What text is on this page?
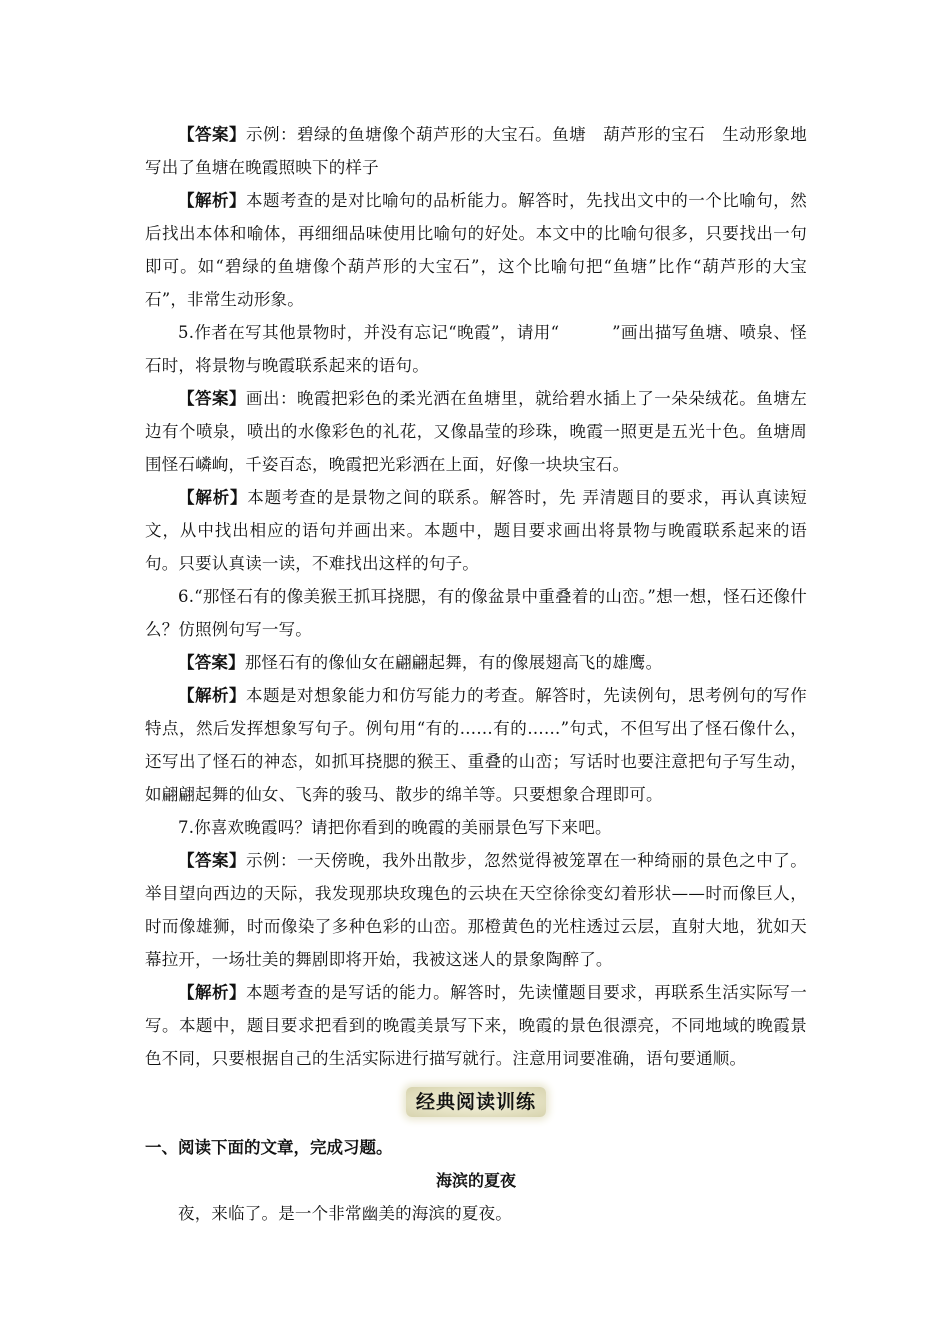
【答案】示例：碧绿的鱼塘像个葫芦形的大宝石。鱼塘　葫芦形的宝石　生动形象地写出了鱼塘在晚霞照映下的样子

【解析】本题考查的是对比喻句的品析能力。解答时，先找出文中的一个比喻句，然后找出本体和喻体，再细细品味使用比喻句的好处。本文中的比喻句很多，只要找出一句即可。如“碧绿的鱼塘像个葫芦形的大宝石”，这个比喻句把“鱼塘”比作“葫芦形的大宝石”，非常生动形象。

5.作者在写其他景物时，并没有忘记“晚霞”，请用“	”画出描写鱼塘、喷泉、怪石时，将景物与晚霞联系起来的语句。

【答案】画出：晚霞把彩色的柔光洒在鱼塘里，就给碧水插上了一朵朵绒花。鱼塘左边有个喷泉，喷出的水像彩色的礼花，又像晶莹的珍珠，晚霞一照更是五光十色。鱼塘周围怪石嶙峋，千姿百态，晚霞把光彩洒在上面，好像一块块宝石。

【解析】本题考查的是景物之间的联系。解答时，先 弄清题目的要求，再认真读短文，从中找出相应的语句并画出来。本题中，题目要求画出将景物与晚霞联系起来的语句。只要认真读一读，不难找出这样的句子。

6.“那怪石有的像美猴王抓耳挠腮，有的像盆景中重叠着的山峦。”想一想，怪石还像什么？仿照例句写一写。

【答案】那怪石有的像仙女在翩翩起舞，有的像展翅高飞的雄鹰。

【解析】本题是对想象能力和仿写能力的考查。解答时，先读例句，思考例句的写作特点，然后发挥想象写句子。例句用“有的……有的……”句式，不但写出了怪石像什么，还写出了怪石的神态，如抓耳挠腮的猴王、重叠的山峦；写话时也要注意把句子写生动，如翩翩起舞的仙女、飞奔的骏马、散步的绵羊等。只要想象合理即可。

7.你喜欢晚霞吗？请把你看到的晚霞的美丽景色写下来吧。

【答案】示例：一天傍晚，我外出散步，忽然觉得被笼罩在一种绮丽的景色之中了。举目望向西边的天际，我发现那块玫瑰色的云块在天空徐徐变幻着形状——时而像巨人，时而像雄狮，时而像染了多种色彩的山峦。那橙黄色的光柱透过云层，直射大地，犹如天幕拉开，一场壮美的舞剧即将开始，我被这迷人的景象陶醉了。

【解析】本题考查的是写话的能力。解答时，先读懂题目要求，再联系生活实际写一写。本题中，题目要求把看到的晚霞美景写下来，晚霞的景色很漂亮，不同地域的晚霞景色不同，只要根据自己的生活实际进行描写就行。注意用词要准确，语句要通顺。

经典阅读训练

一、阅读下面的文章，完成习题。

海滨的夏夜

夜，来临了。是一个非常幽美的海滨的夏夜。
